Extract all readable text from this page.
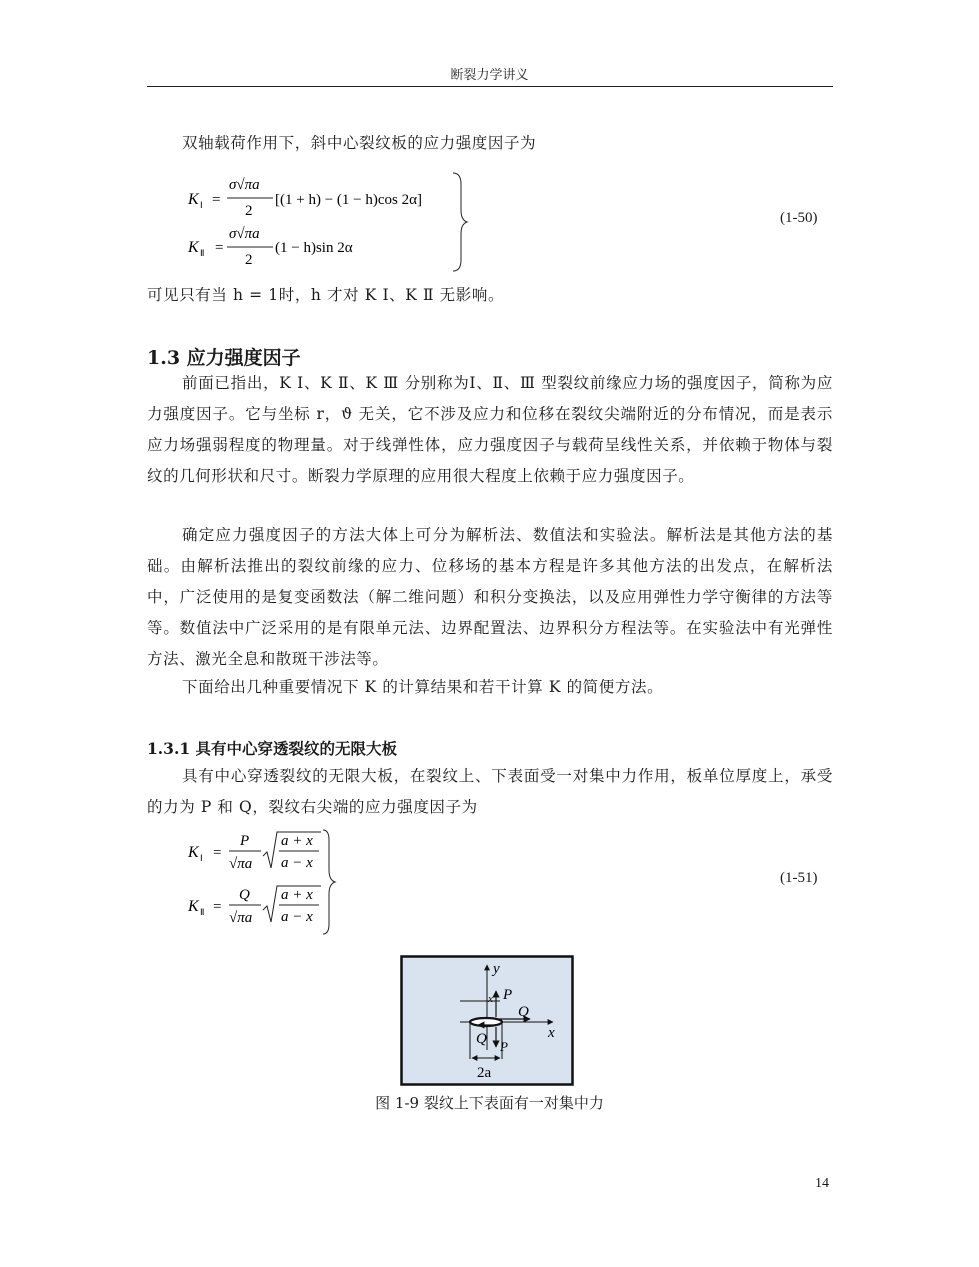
断裂力学讲义
双轴载荷作用下，斜中心裂纹板的应力强度因子为
K Ⅰ =
σ√πa
2
[(1 + h) − (1 − h)cos 2α]
K Ⅱ =
σ√πa
2
(1 − h)sin 2α
(1-50)
可见只有当 h = 1时，h 才对 K Ⅰ、K Ⅱ 无影响。
1.3 应力强度因子
前面已指出，K Ⅰ、K Ⅱ、K Ⅲ 分别称为Ⅰ、Ⅱ、Ⅲ 型裂纹前缘应力场的强度因子，简称为应力强度因子。它与坐标 r，ϑ 无关，它不涉及应力和位移在裂纹尖端附近的分布情况，而是表示应力场强弱程度的物理量。对于线弹性体，应力强度因子与载荷呈线性关系，并依赖于物体与裂纹的几何形状和尺寸。断裂力学原理的应用很大程度上依赖于应力强度因子。
确定应力强度因子的方法大体上可分为解析法、数值法和实验法。解析法是其他方法的基础。由解析法推出的裂纹前缘的应力、位移场的基本方程是许多其他方法的出发点，在解析法中，广泛使用的是复变函数法（解二维问题）和积分变换法，以及应用弹性力学守衡律的方法等等。数值法中广泛采用的是有限单元法、边界配置法、边界积分方程法等。在实验法中有光弹性方法、激光全息和散斑干涉法等。
下面给出几种重要情况下 K 的计算结果和若干计算 K 的简便方法。
1.3.1 具有中心穿透裂纹的无限大板
具有中心穿透裂纹的无限大板，在裂纹上、下表面受一对集中力作用，板单位厚度上，承受的力为 P 和 Q，裂纹右尖端的应力强度因子为
K Ⅰ =
P
√πa
a + x
a − x
K Ⅱ =
Q
√πa
a + x
a − x
(1-51)
y
x
x P
Q
Q P
2a
图 1-9 裂纹上下表面有一对集中力
14
